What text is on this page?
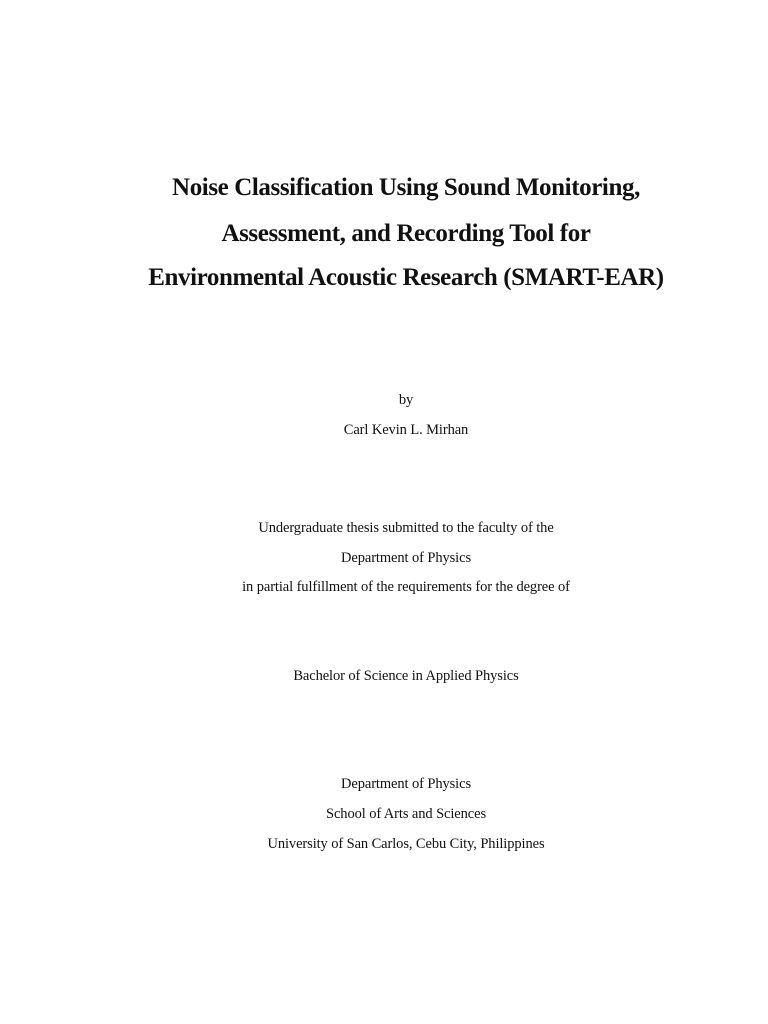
Noise Classification Using Sound Monitoring,
Assessment, and Recording Tool for
Environmental Acoustic Research (SMART-EAR)
by
Carl Kevin L. Mirhan
Undergraduate thesis submitted to the faculty of the
Department of Physics
in partial fulfillment of the requirements for the degree of
Bachelor of Science in Applied Physics
Department of Physics
School of Arts and Sciences
University of San Carlos, Cebu City, Philippines
